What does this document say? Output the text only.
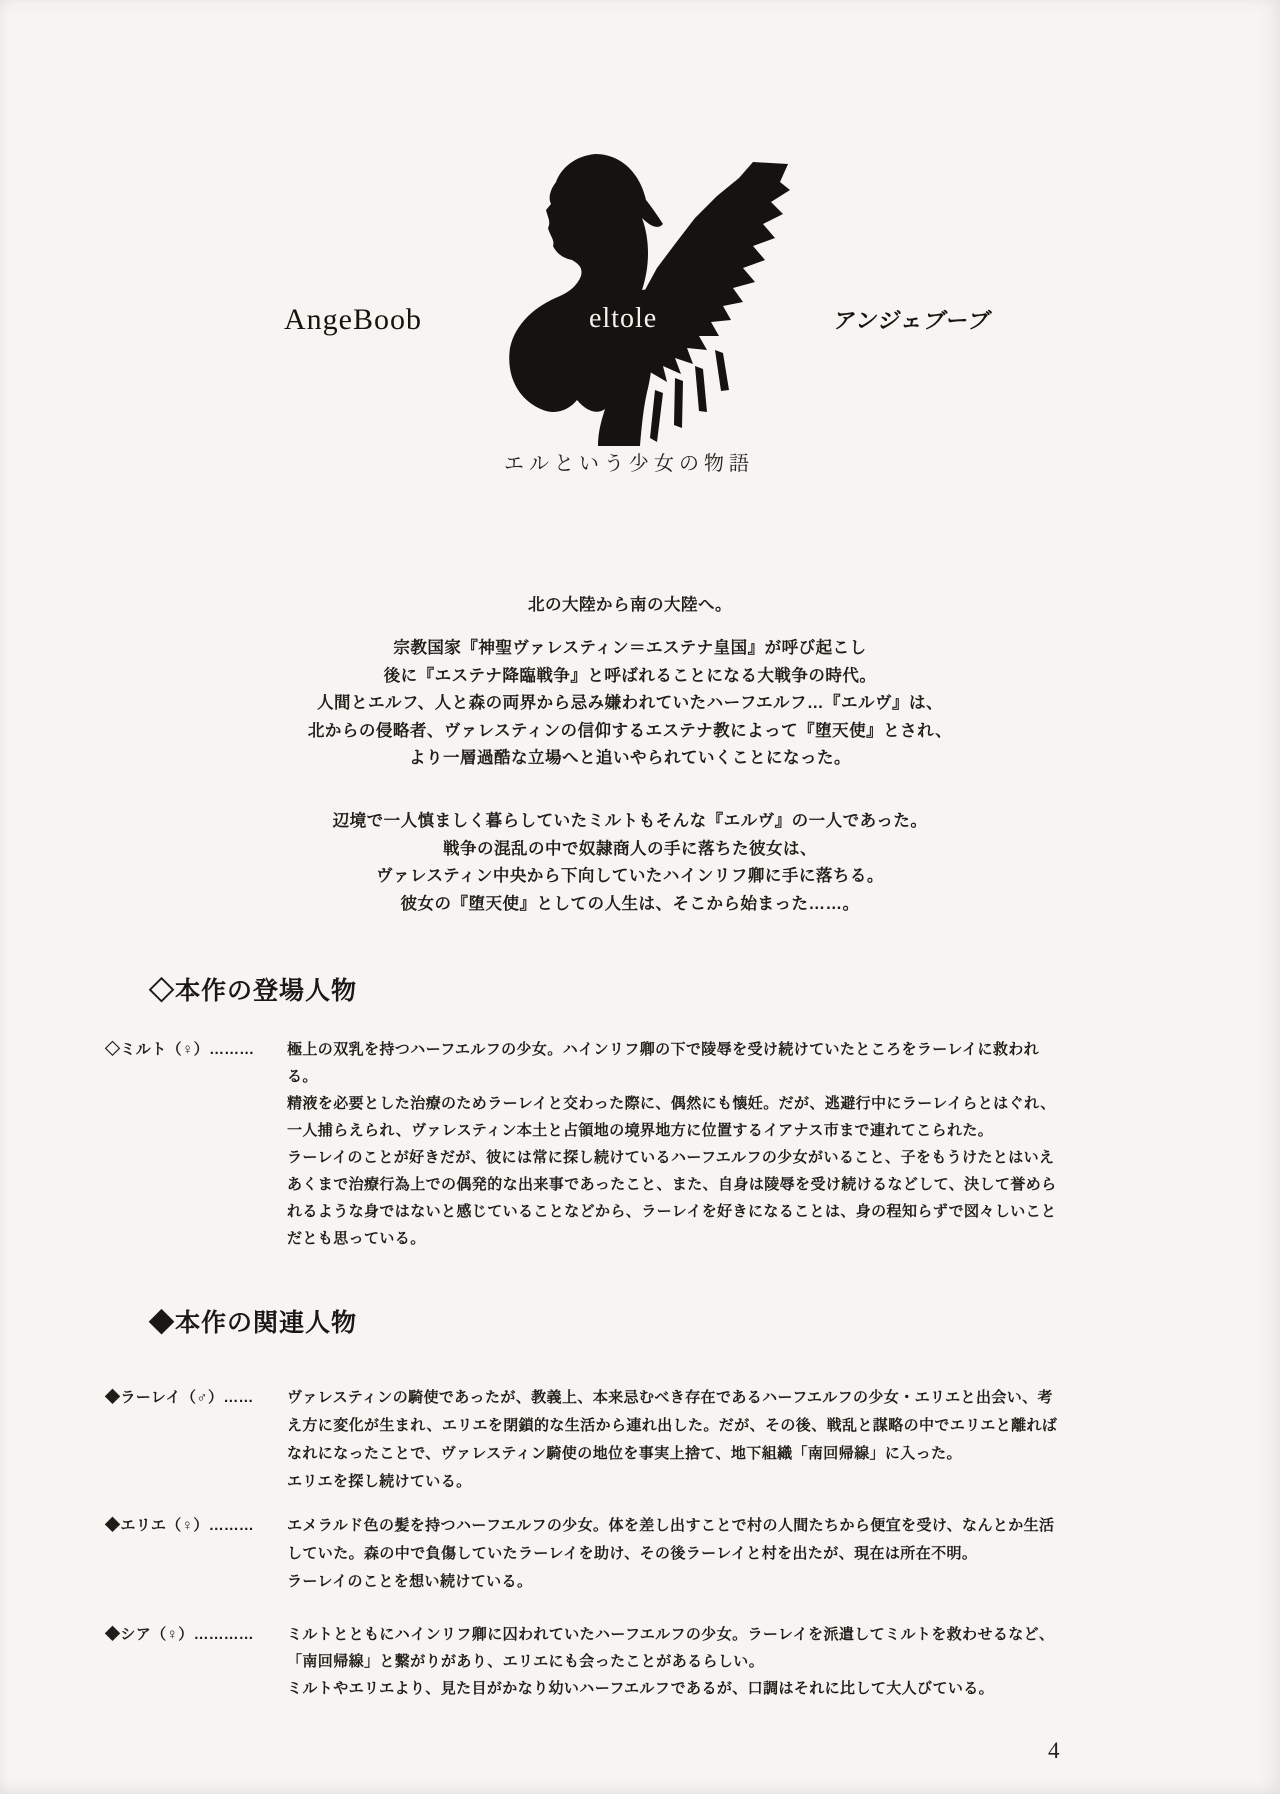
AngeBoob	eltole	アンジェブーブ
エルという少女の物語

北の大陸から南の大陸へ。

宗教国家『神聖ヴァレスティン＝エステナ皇国』が呼び起こし
後に『エステナ降臨戦争』と呼ばれることになる大戦争の時代。
人間とエルフ、人と森の両界から忌み嫌われていたハーフエルフ…『エルヴ』は、
北からの侵略者、ヴァレスティンの信仰するエステナ教によって『堕天使』とされ、
より一層過酷な立場へと追いやられていくことになった。

辺境で一人慎ましく暮らしていたミルトもそんな『エルヴ』の一人であった。
戦争の混乱の中で奴隷商人の手に落ちた彼女は、
ヴァレスティン中央から下向していたハインリフ卿に手に落ちる。
彼女の『堕天使』としての人生は、そこから始まった……。

◇本作の登場人物
◇ミルト（♀）……… 極上の双乳を持つハーフエルフの少女。ハインリフ卿の下で陵辱を受け続けていたところをラーレイに救われる。
精液を必要とした治療のためラーレイと交わった際に、偶然にも懐妊。だが、逃避行中にラーレイらとはぐれ、
一人捕らえられ、ヴァレスティン本土と占領地の境界地方に位置するイアナス市まで連れてこられた。
ラーレイのことが好きだが、彼には常に探し続けているハーフエルフの少女がいること、子をもうけたとはいえ
あくまで治療行為上での偶発的な出来事であったこと、また、自身は陵辱を受け続けるなどして、決して誉めら
れるような身ではないと感じていることなどから、ラーレイを好きになることは、身の程知らずで図々しいこと
だとも思っている。
◆本作の関連人物
◆ラーレイ（♂）…… ヴァレスティンの騎使であったが、教義上、本来忌むべき存在であるハーフエルフの少女・エリエと出会い、考
え方に変化が生まれ、エリエを閉鎖的な生活から連れ出した。だが、その後、戦乱と謀略の中でエリエと離れば
なれになったことで、ヴァレスティン騎使の地位を事実上捨て、地下組織「南回帰線」に入った。
エリエを探し続けている。
◆エリエ（♀）……… エメラルド色の髪を持つハーフエルフの少女。体を差し出すことで村の人間たちから便宜を受け、なんとか生活
していた。森の中で負傷していたラーレイを助け、その後ラーレイと村を出たが、現在は所在不明。
ラーレイのことを想い続けている。
◆シア（♀）………… ミルトとともにハインリフ卿に囚われていたハーフエルフの少女。ラーレイを派遣してミルトを救わせるなど、
「南回帰線」と繋がりがあり、エリエにも会ったことがあるらしい。
ミルトやエリエより、見た目がかなり幼いハーフエルフであるが、口調はそれに比して大人びている。
4
